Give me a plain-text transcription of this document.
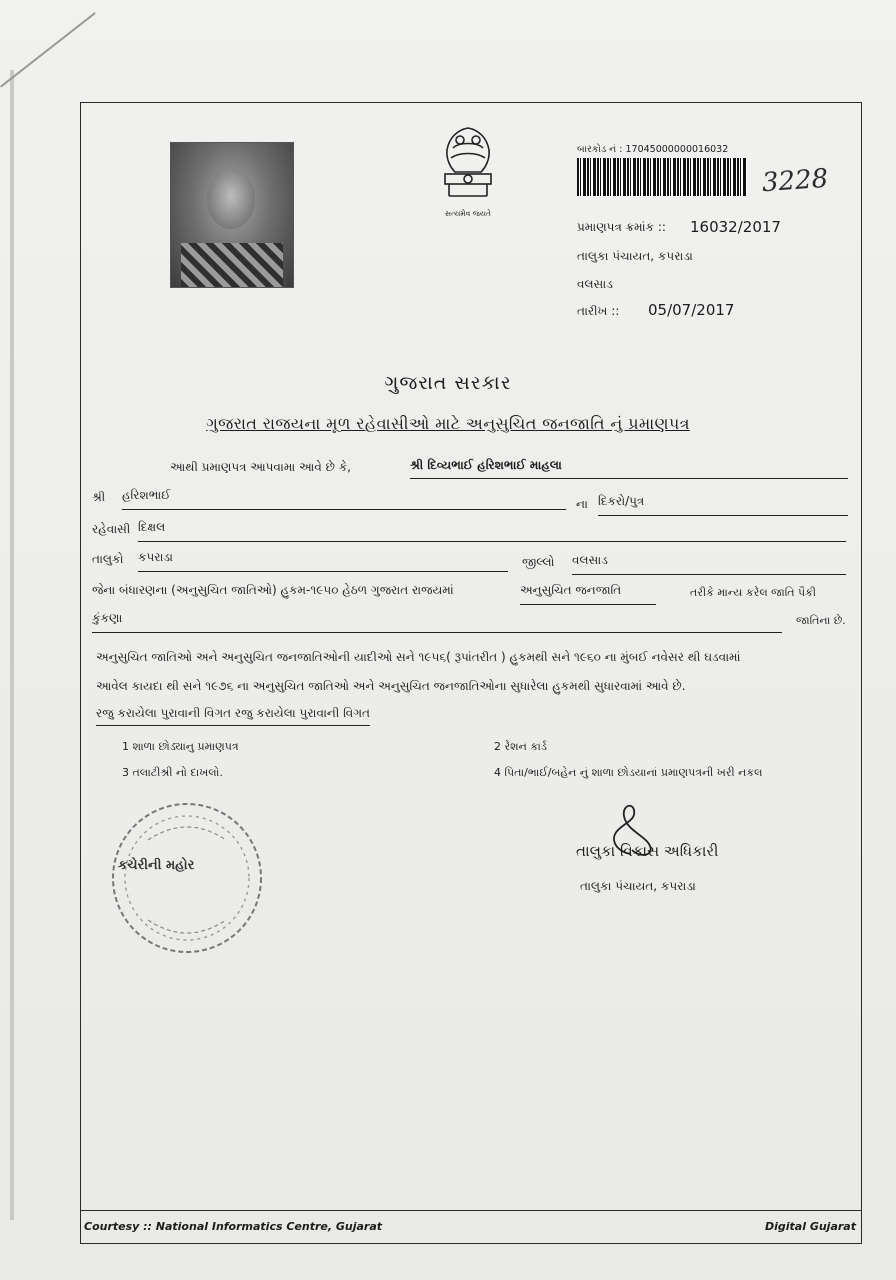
સત્યમેવ જયતે
બારકોડ નં : 17045000000016032
3228
પ્રમાણપત્ર ક્રમાંક :: 16032/2017
તાલુકા પંચાયત, કપરાડા
વલસાડ
તારીખ :: 05/07/2017
ગુજરાત સરકાર
ગુજરાત રાજયના મૂળ રહેવાસીઓ માટે અનુસુચિત જનજાતિ નું પ્રમાણપત્ર
આથી પ્રમાણપત્ર આપવામા આવે છે કે,	શ્રી દિવ્યભાઈ હરિશભાઈ માહલા
શ્રી હરિશભાઈ
ના દિકરો/પુત્ર
રહેવાસી દિક્ષલ
તાલુકો કપરાડા	જીલ્લો વલસાડ
જેના બંધારણના (અનુસુચિત જાતિઓ) હુકમ-૧૯૫૦ હેઠળ ગુજરાત રાજયમાં	અનુસુચિત જનજાતિ	તરીકે માન્ય કરેલ જાતિ પૈકી
કુંકણા	જાતિના છે.
અનુસુચિત જાતિઓ અને અનુસુચિત જનજાતિઓની યાદીઓ સને ૧૯૫૬( રૂપાંતરીત ) હુકમથી સને ૧૯૬૦ ના મુંબઈ નવેસર થી ઘડવામાં
આવેલ કાયદા થી સને ૧૯૭૬ ના અનુસુચિત જાતિઓ અને અનુસુચિત જનજાતિઓના સુધારેલા હુકમથી સુધારવામાં આવે છે.
રજુ કરાયેલા પુરાવાની વિગત રજુ કરાયેલા પુરાવાની વિગત
1 શાળા છોડ્યાનુ પ્રમાણપત્ર	2 રેશન કાર્ડ
3 તલાટીશ્રી નો દાખલો.	4 પિતા/ભાઈ/બહેન નું શાળા છોડયાનાં પ્રમાણપત્રની ખરી નકલ
કચેરીની મહોર
તાલુકા વિકાસ અધિકારી
તાલુકા પંચાયત, કપરાડા
Courtesy :: National Informatics Centre, Gujarat	Digital Gujarat
